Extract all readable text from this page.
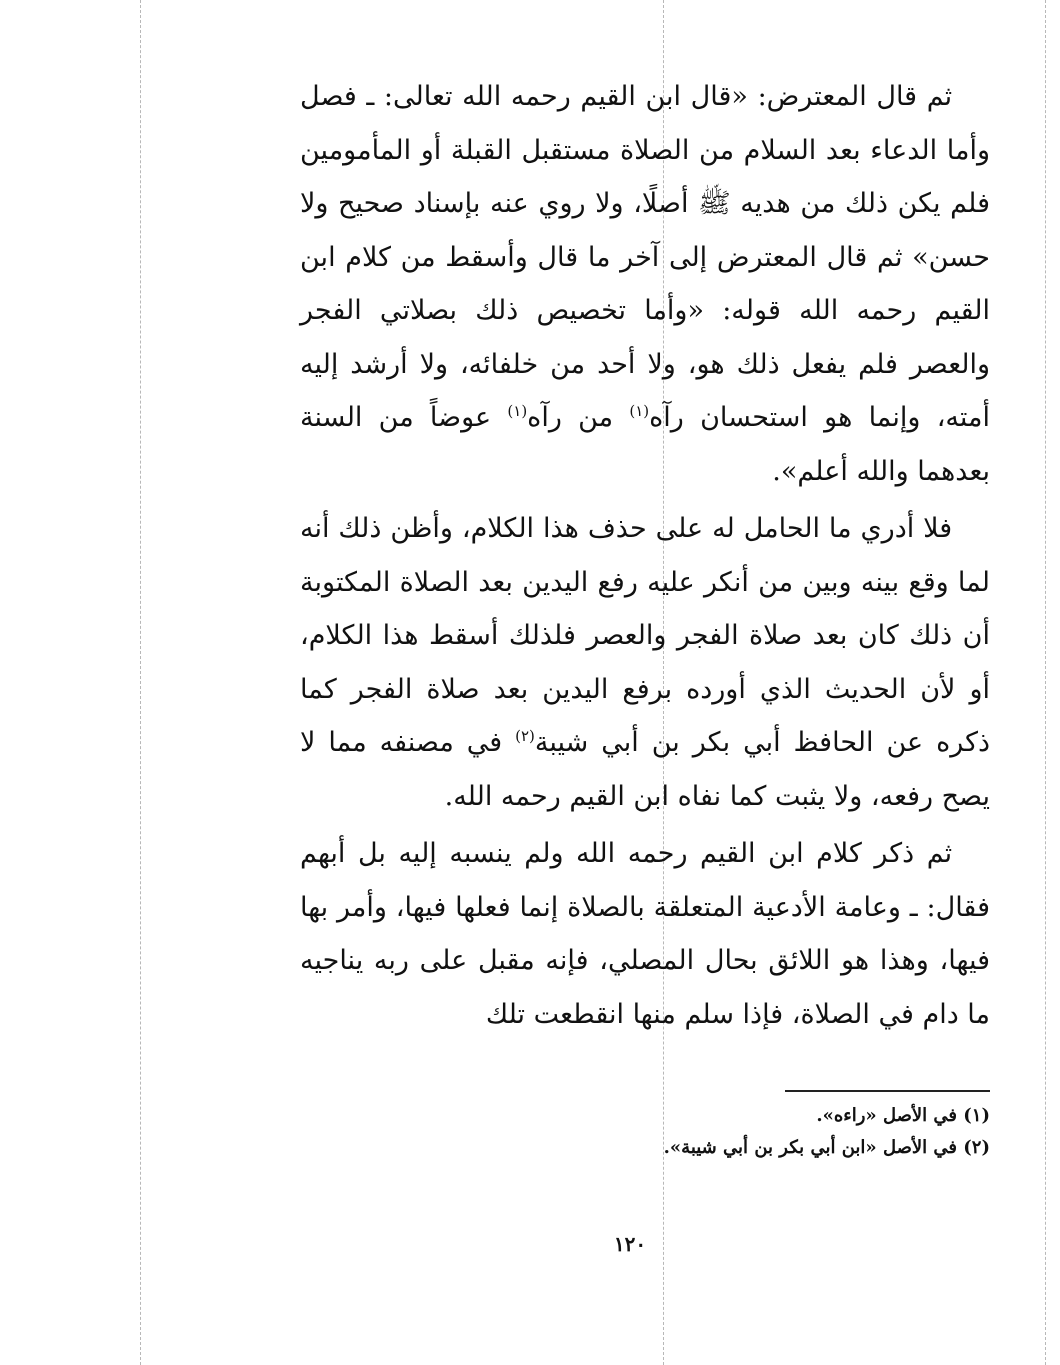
ثم قال المعترض: «قال ابن القيم رحمه الله تعالى: ـ فصل وأما الدعاء بعد السلام من الصلاة مستقبل القبلة أو المأمومين فلم يكن ذلك من هديه ﷺ أصلًا، ولا روي عنه بإسناد صحيح ولا حسن» ثم قال المعترض إلى آخر ما قال وأسقط من كلام ابن القيم رحمه الله قوله: «وأما تخصيص ذلك بصلاتي الفجر والعصر فلم يفعل ذلك هو، ولا أحد من خلفائه، ولا أرشد إليه أمته، وإنما هو استحسان رآه$^{(١)}$ من رآه$^{(١)}$ عوضاً من السنة بعدهما والله أعلم».

فلا أدري ما الحامل له على حذف هذا الكلام، وأظن ذلك أنه لما وقع بينه وبين من أنكر عليه رفع اليدين بعد الصلاة المكتوبة أن ذلك كان بعد صلاة الفجر والعصر فلذلك أسقط هذا الكلام، أو لأن الحديث الذي أورده برفع اليدين بعد صلاة الفجر كما ذكره عن الحافظ أبي بكر بن أبي شيبة$^{(٢)}$ في مصنفه مما لا يصح رفعه، ولا يثبت كما نفاه ابن القيم رحمه الله.

ثم ذكر كلام ابن القيم رحمه الله ولم ينسبه إليه بل أبهم فقال: ـ وعامة الأدعية المتعلقة بالصلاة إنما فعلها فيها، وأمر بها فيها، وهذا هو اللائق بحال المصلي، فإنه مقبل على ربه يناجيه ما دام في الصلاة، فإذا سلم منها انقطعت تلك

(١) في الأصل «راءه».

(٢) في الأصل «ابن أبي بكر بن أبي شيبة».

١٢٠
